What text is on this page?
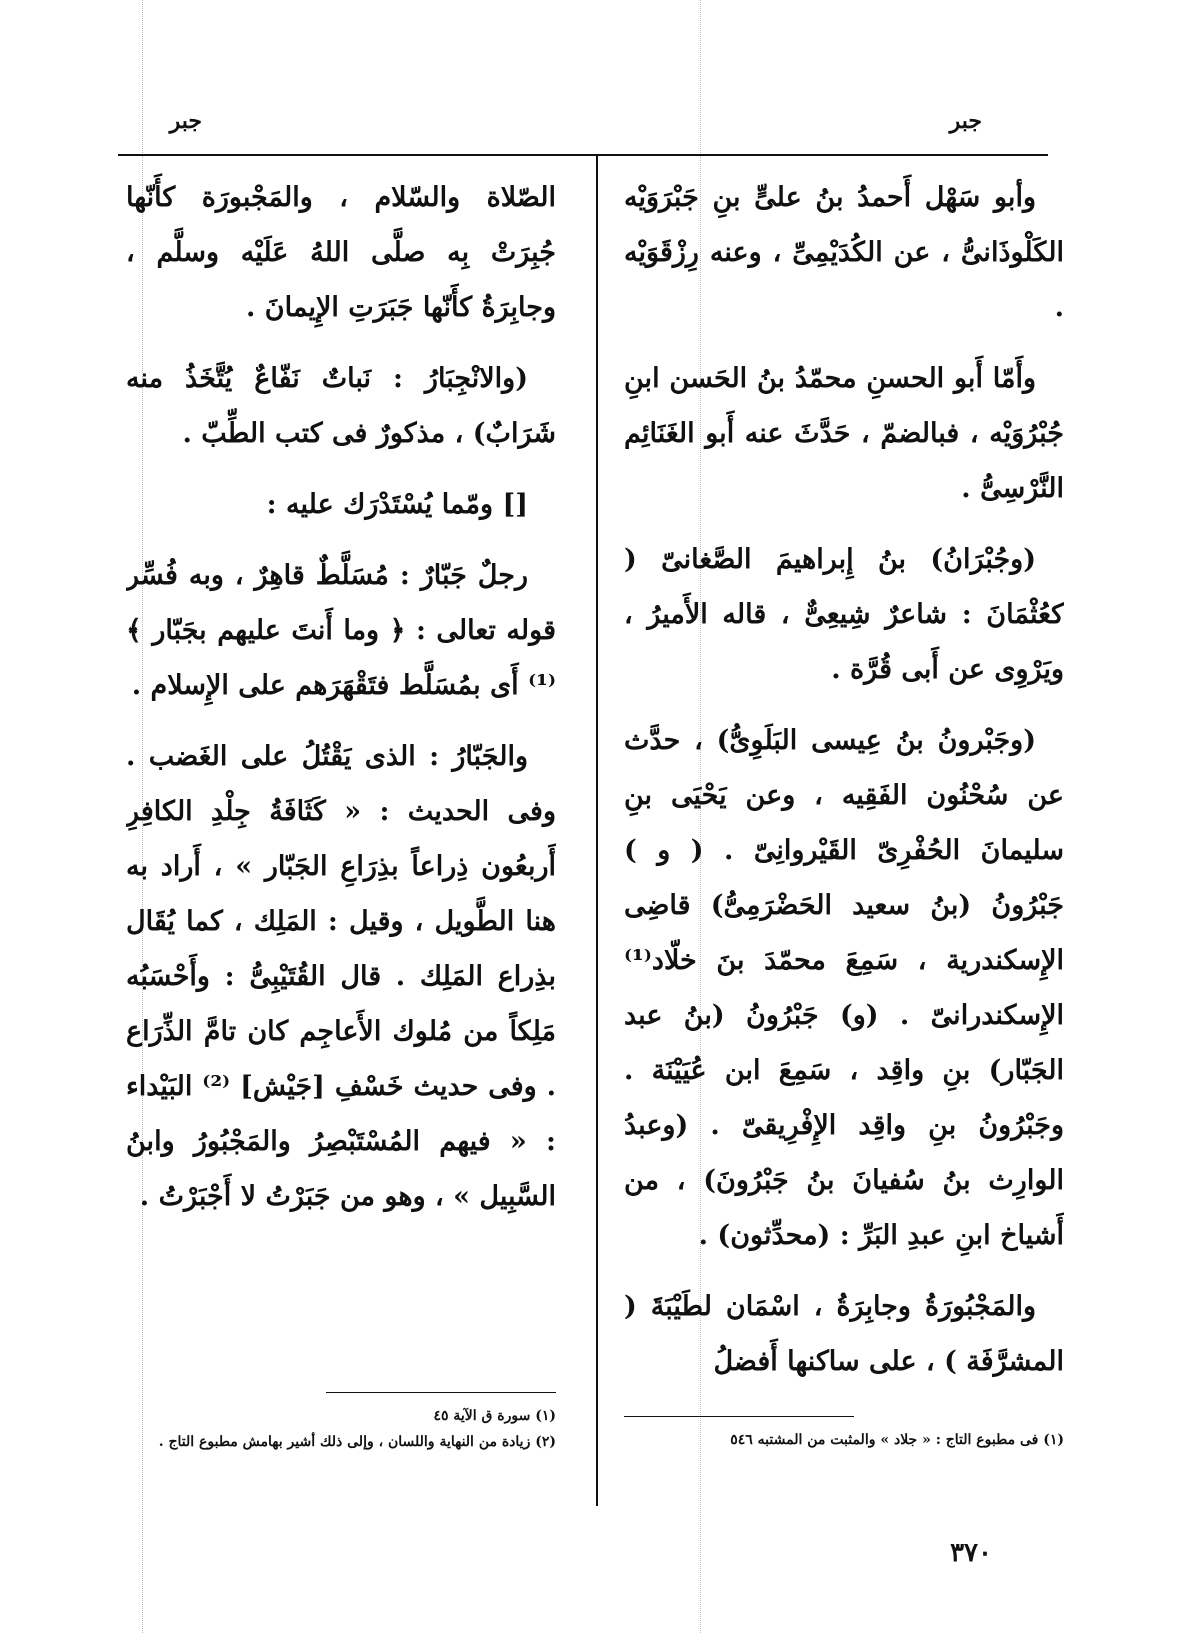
جبر
جبر

وأبو سَهْل أَحمدُ بنُ علىٍّ بنِ جَبْرَوَيْه الكَلْوذَانىُّ ، عن الكُدَيْمِىِّ ، وعنه رِزْقَوَيْه .

وأَمّا أَبو الحسنِ محمّدُ بنُ الحَسن ابنِ جُبْرُوَيْه ، فبالضمّ ، حَدَّثَ عنه أَبو الغَنَائِم النَّرْسِىُّ .

(وجُبْرَانُ) بنُ إِبراهيمَ الصَّغانىّ ( كعُثْمَانَ : شاعرٌ شِيعِىٌّ ، قاله الأَميرُ ، ويَرْوِى عن أَبى قُرَّة .

(وجَبْرونُ بنُ عِيسى البَلَوِىُّ) ، حدَّث عن سُحْنُون الفَقِيه ، وعن يَحْيَى بنِ سليمانَ الحُفْرِىّ القَيْروانِىّ . ( و ) جَبْرُونُ (بنُ سعيد الحَضْرَمِىُّ) قاضِى الإِسكندرية ، سَمِعَ محمّدَ بنَ خلّاد⁽¹⁾ الإِسكندرانىّ . (و) جَبْرُونُ (بنُ عبد الجَبّار) بنِ واقِد ، سَمِعَ ابن عُيَيْنَة . وجَبْرُونُ بنِ واقِد الإِفْرِيقىّ . (وعبدُ الوارِث بنُ سُفيانَ بنُ جَبْرُونَ) ، من أَشياخ ابنِ عبدِ البَرِّ : (محدِّثون) .

والمَجْبُورَةُ وجابِرَةُ ، اسْمَان لطَيْبَةَ ( المشرَّفَة ) ، على ساكنها أَفضلُ

(١) فى مطبوع التاج : « جلاد » والمثبت من المشتبه ٥٤٦

الصّلاة والسّلام ، والمَجْبورَة كأَنّها جُبِرَتْ بِه صلَّى اللهُ عَلَيْه وسلَّم ، وجابِرَةُ كأَنّها جَبَرَتِ الإِيمانَ .

(والانْجِبَارُ : نَباتٌ نَفّاعٌ يُتَّخَذُ منه شَرَابٌ) ، مذكورٌ فى كتب الطِّبّ .

[] ومّما يُسْتَدْرَك عليه :

رجلٌ جَبّارٌ : مُسَلَّطٌ قاهِرٌ ، وبه فُسِّر قوله تعالى : ﴿ وما أَنتَ عليهم بجَبّار ﴾ ⁽¹⁾ أَى بمُسَلَّط فتَقْهَرَهم على الإِسلام .

والجَبّارُ : الذى يَقْتُلُ على الغَضب . وفى الحديث : « كَثَافَةُ جِلْدِ الكافِرِ أَربعُون ذِراعاً بذِرَاعِ الجَبّار » ، أَراد به هنا الطَّويل ، وقيل : المَلِك ، كما يُقَال بذِراع المَلِك . قال القُتَيْبِىُّ : وأَحْسَبُه مَلِكاً من مُلوك الأَعاجِم كان تامَّ الذِّرَاع . وفى حديث خَسْفِ [جَيْش] ⁽²⁾ البَيْداء : « فيهم المُسْتَبْصِرُ والمَجْبُورُ وابنُ السَّبِيل » ، وهو من جَبَرْتُ لا أَجْبَرْتُ .

(١) سورة ق الآية ٤٥
(٢) زيادة من النهاية واللسان ، وإلى ذلك أشير بهامش مطبوع التاج .
٣٧٠
